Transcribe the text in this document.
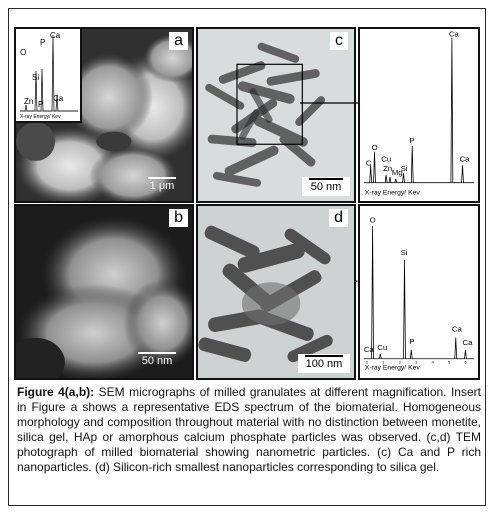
a
1 μm
O
Si
P
Ca
Zn P
Ca
X-ray Energy/ Kev
b
50 nm
c
50 nm
C
O
Cu
Zn Mg
Si
P
Ca
Ca
X-ray Energy/ Kev
d
100 nm
O
Si
Ca Cu
P
Ca
Ca
X-ray Energy/ Kev
0	1	2	3	4	5	6
Figure 4(a,b): SEM micrographs of milled granulates at different magnification. Insert in Figure a shows a representative EDS spectrum of the biomaterial. Homogeneous morphology and composition throughout material with no distinction between monetite, silica gel, HAp or amorphous calcium phosphate particles was observed. (c,d) TEM photograph of milled biomaterial showing nanometric particles. (c) Ca and P rich nanoparticles. (d) Silicon-rich smallest nanoparticles corresponding to silica gel.
